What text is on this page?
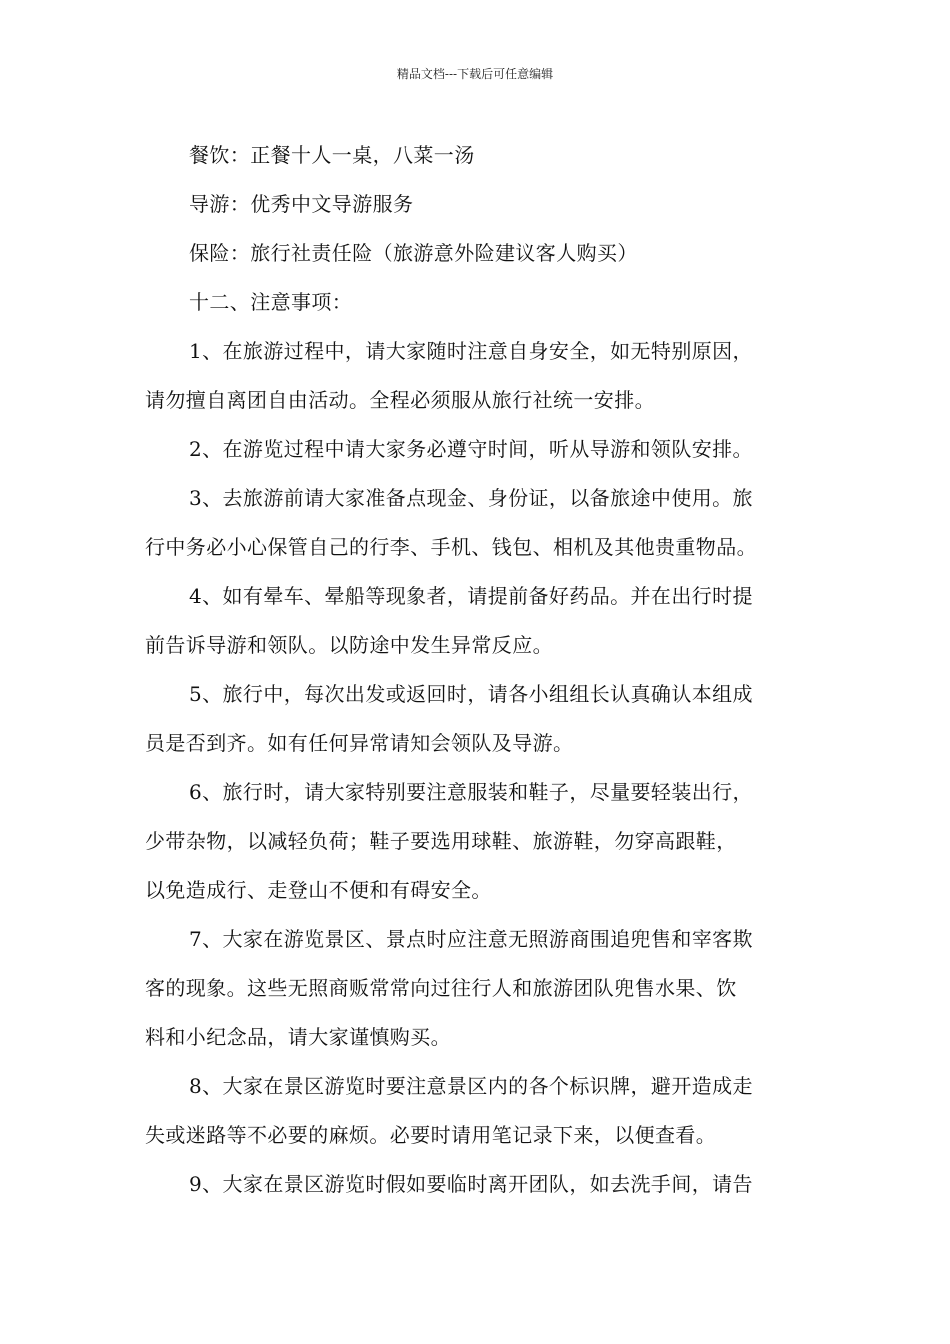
精品文档---下载后可任意编辑
餐饮：正餐十人一桌，八菜一汤
导游：优秀中文导游服务
保险：旅行社责任险（旅游意外险建议客人购买）
十二、注意事项：
1、在旅游过程中，请大家随时注意自身安全，如无特别原因，
请勿擅自离团自由活动。全程必须服从旅行社统一安排。
2、在游览过程中请大家务必遵守时间，听从导游和领队安排。
3、去旅游前请大家准备点现金、身份证，以备旅途中使用。旅
行中务必小心保管自己的行李、手机、钱包、相机及其他贵重物品。
4、如有晕车、晕船等现象者，请提前备好药品。并在出行时提
前告诉导游和领队。以防途中发生异常反应。
5、旅行中，每次出发或返回时，请各小组组长认真确认本组成
员是否到齐。如有任何异常请知会领队及导游。
6、旅行时，请大家特别要注意服装和鞋子，尽量要轻装出行，
少带杂物，以减轻负荷；鞋子要选用球鞋、旅游鞋，勿穿高跟鞋，
以免造成行、走登山不便和有碍安全。
7、大家在游览景区、景点时应注意无照游商围追兜售和宰客欺
客的现象。这些无照商贩常常向过往行人和旅游团队兜售水果、饮
料和小纪念品，请大家谨慎购买。
8、大家在景区游览时要注意景区内的各个标识牌，避开造成走
失或迷路等不必要的麻烦。必要时请用笔记录下来，以便查看。
9、大家在景区游览时假如要临时离开团队，如去洗手间，请告
